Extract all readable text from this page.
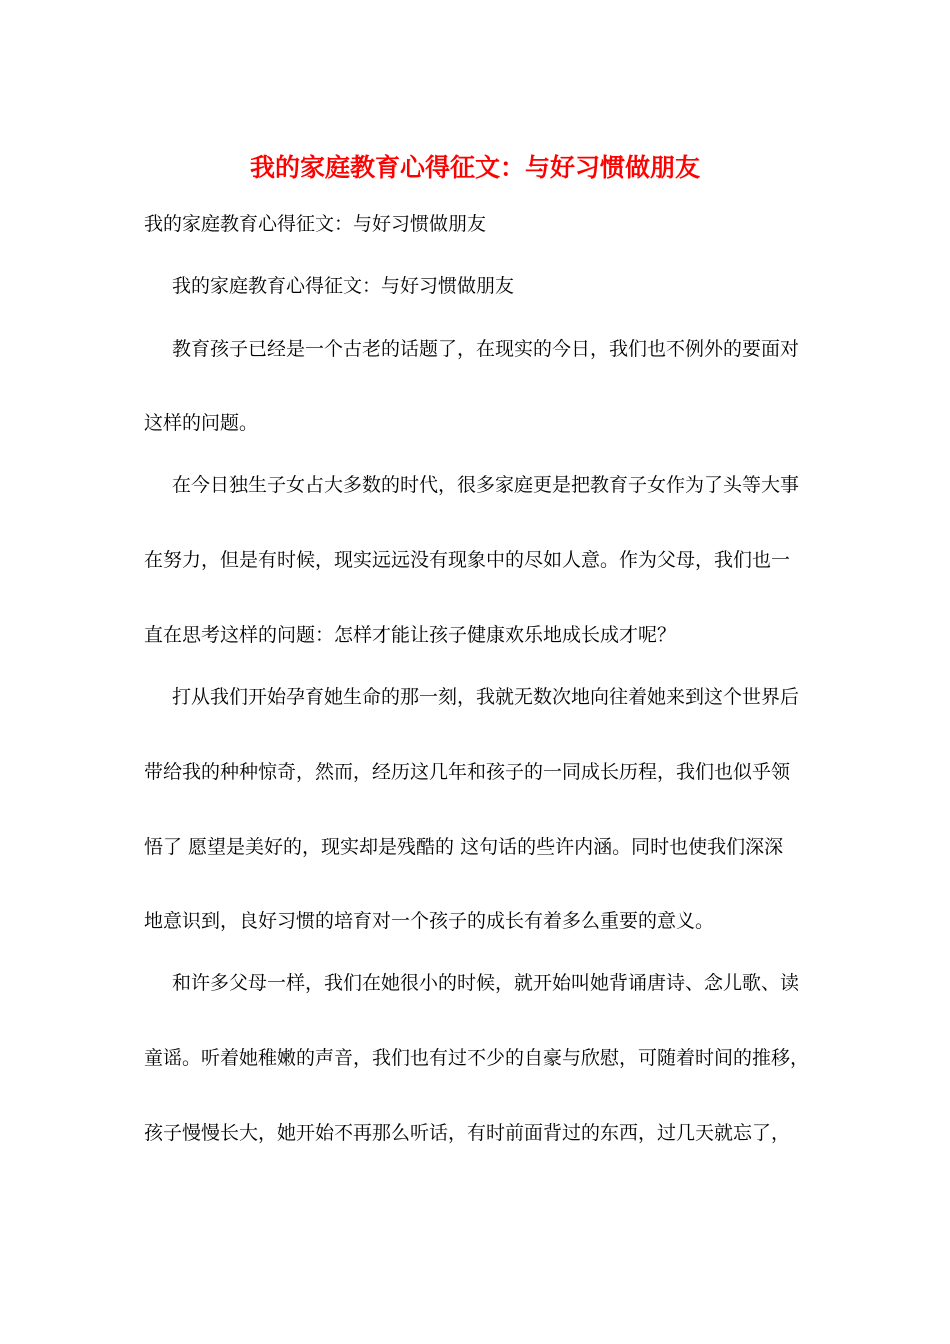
我的家庭教育心得征文：与好习惯做朋友
我的家庭教育心得征文：与好习惯做朋友
我的家庭教育心得征文：与好习惯做朋友
教育孩子已经是一个古老的话题了，在现实的今日，我们也不例外的要面对
这样的问题。
在今日独生子女占大多数的时代，很多家庭更是把教育子女作为了头等大事
在努力，但是有时候，现实远远没有现象中的尽如人意。作为父母，我们也一
直在思考这样的问题：怎样才能让孩子健康欢乐地成长成才呢？
打从我们开始孕育她生命的那一刻，我就无数次地向往着她来到这个世界后
带给我的种种惊奇，然而，经历这几年和孩子的一同成长历程，我们也似乎领
悟了 愿望是美好的，现实却是残酷的 这句话的些许内涵。同时也使我们深深
地意识到，良好习惯的培育对一个孩子的成长有着多么重要的意义。
和许多父母一样，我们在她很小的时候，就开始叫她背诵唐诗、念儿歌、读
童谣。听着她稚嫩的声音，我们也有过不少的自豪与欣慰，可随着时间的推移，
孩子慢慢长大，她开始不再那么听话，有时前面背过的东西，过几天就忘了，
